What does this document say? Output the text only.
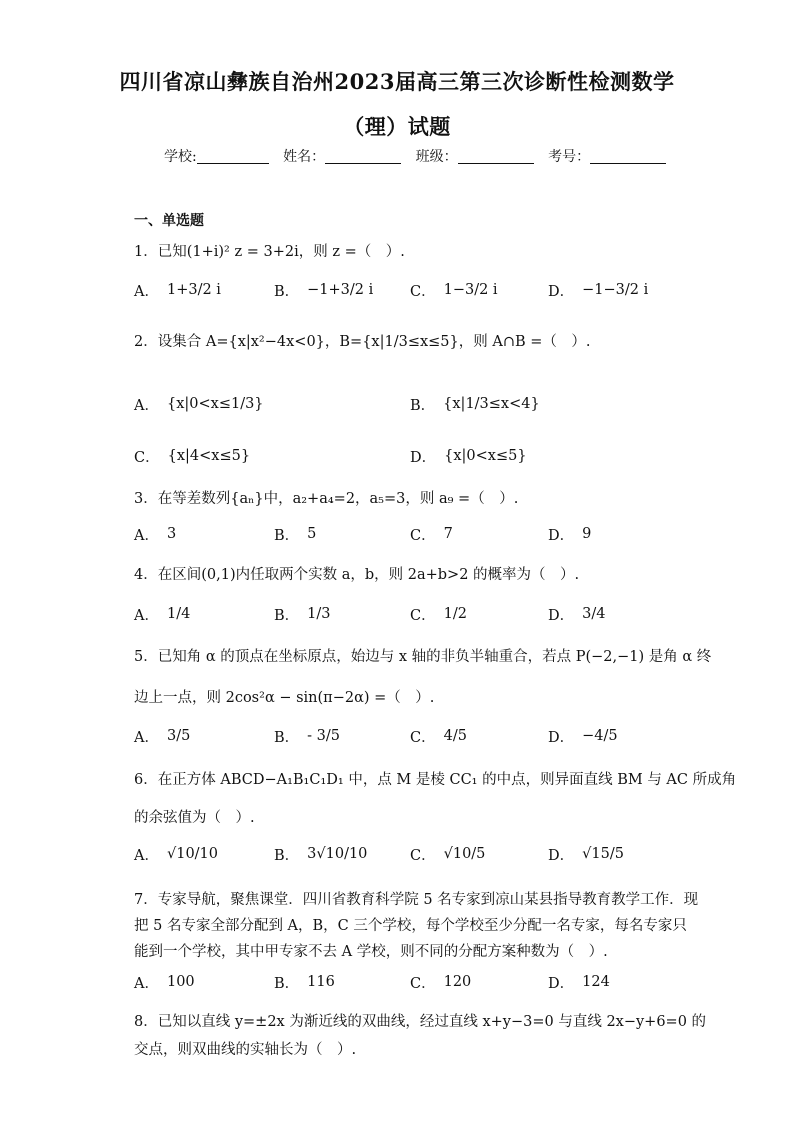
四川省凉山彝族自治州2023届高三第三次诊断性检测数学
（理）试题
学校:	姓名：	班级：	考号：
一、单选题
1．已知(1+i)² z = 3+2i，则 z =（　）.
A． 1+3/2 i	B． −1+3/2 i	C． 1−3/2 i	D． −1−3/2 i
2．设集合 A={x|x²−4x<0}，B={x|1/3≤x≤5}，则 A∩B =（　）.
A． {x|0<x≤1/3}	B． {x|1/3≤x<4}
C． {x|4<x≤5}	D． {x|0<x≤5}
3．在等差数列{aₙ}中，a₂+a₄=2，a₅=3，则 a₉ =（　）.
A． 3	B． 5	C． 7	D． 9
4．在区间(0,1)内任取两个实数 a，b，则 2a+b>2 的概率为（　）.
A． 1/4	B． 1/3	C． 1/2	D． 3/4
5．已知角 α 的顶点在坐标原点，始边与 x 轴的非负半轴重合，若点 P(−2,−1) 是角 α 终
边上一点，则 2cos²α − sin(π−2α) =（　）.
A． 3/5	B． - 3/5	C． 4/5	D． −4/5
6．在正方体 ABCD−A₁B₁C₁D₁ 中，点 M 是棱 CC₁ 的中点，则异面直线 BM 与 AC 所成角
的余弦值为（　）.
A． √10/10	B． 3√10/10	C． √10/5	D． √15/5
7．专家导航，聚焦课堂．四川省教育科学院 5 名专家到凉山某县指导教育教学工作．现
把 5 名专家全部分配到 A，B，C 三个学校，每个学校至少分配一名专家，每名专家只
能到一个学校，其中甲专家不去 A 学校，则不同的分配方案种数为（　）.
A． 100	B． 116	C． 120	D． 124
8．已知以直线 y=±2x 为渐近线的双曲线，经过直线 x+y−3=0 与直线 2x−y+6=0 的
交点，则双曲线的实轴长为（　）.
